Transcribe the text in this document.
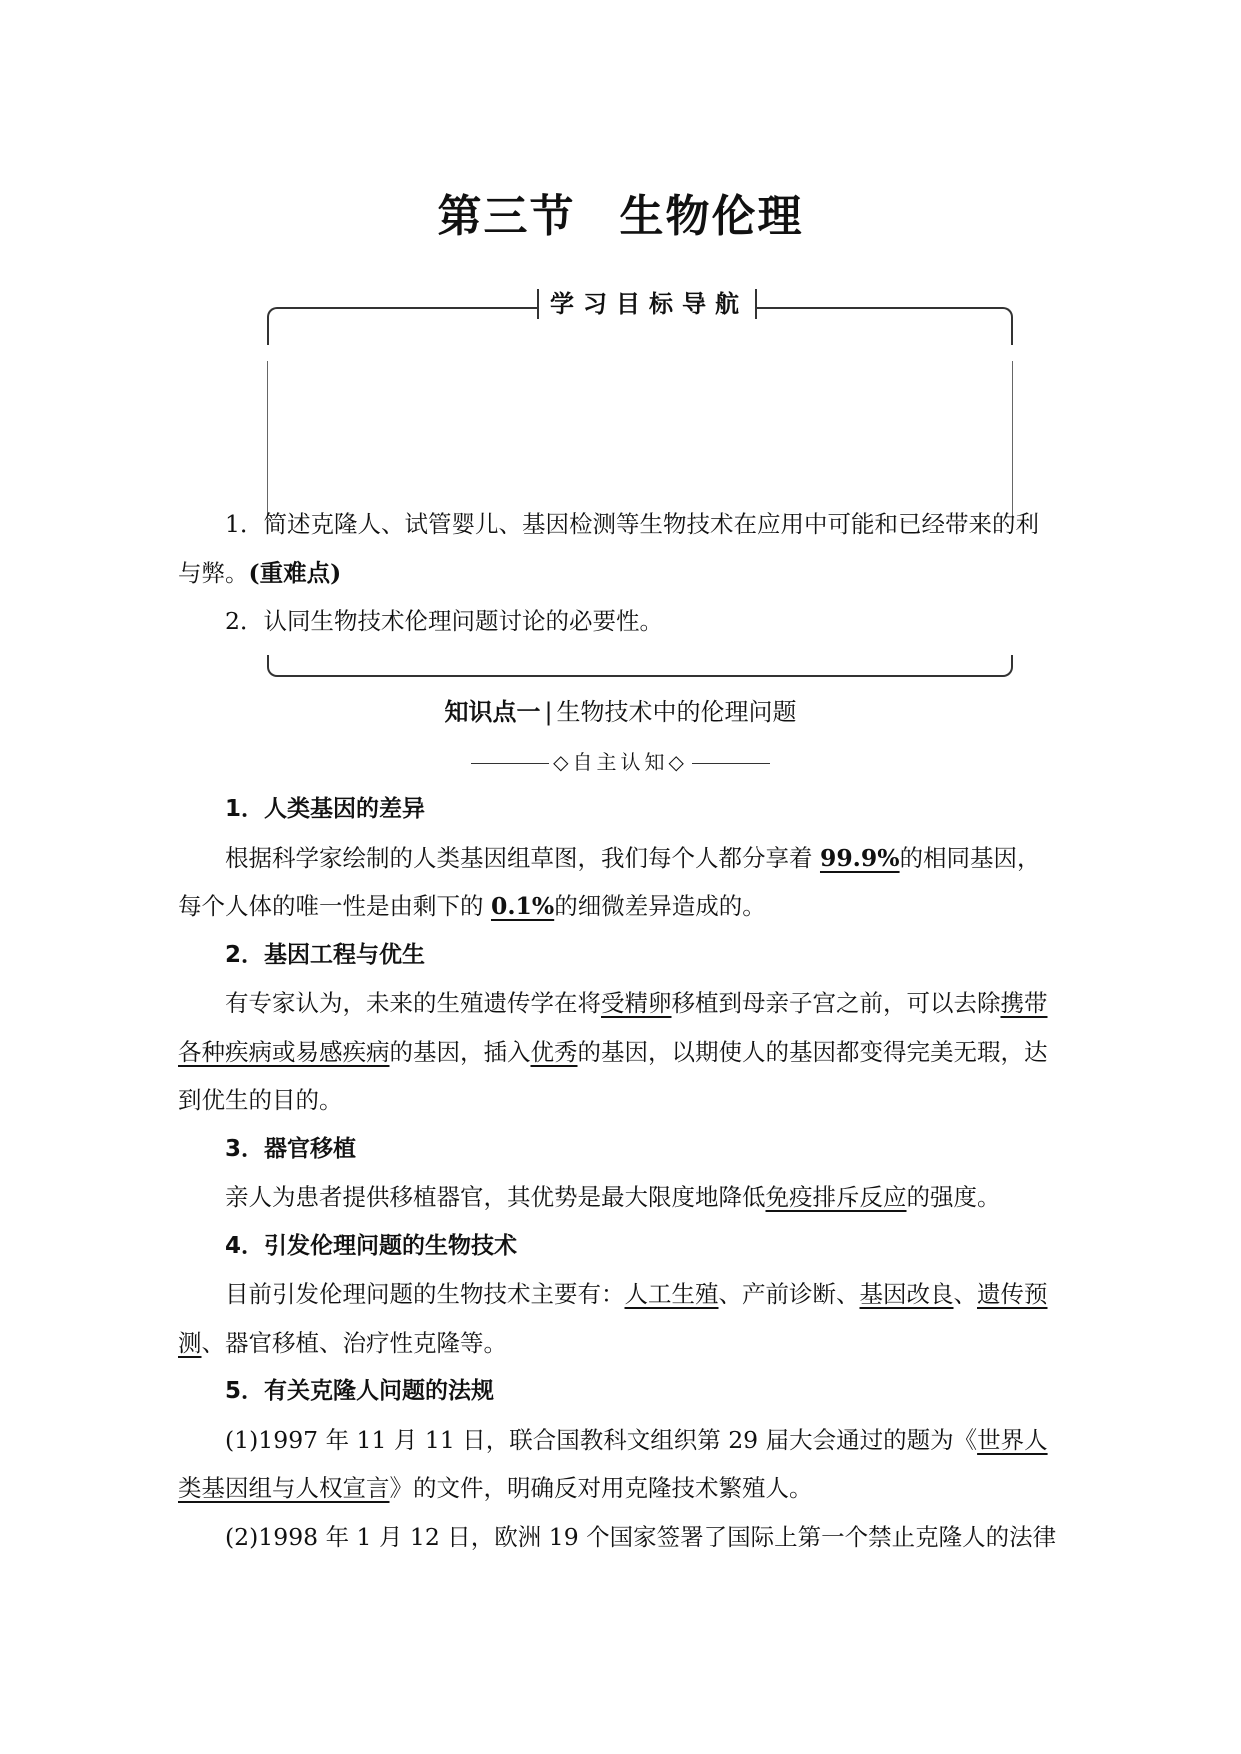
第三节 生物伦理
学习目标导航

1．简述克隆人、试管婴儿、基因检测等生物技术在应用中可能和已经带来的利与弊。(重难点)

2．认同生物技术伦理问题讨论的必要性。

知识点一 | 生物技术中的伦理问题
◇自主认知◇

1．人类基因的差异

根据科学家绘制的人类基因组草图，我们每个人都分享着 99.9%的相同基因，每个人体的唯一性是由剩下的 0.1%的细微差异造成的。

2．基因工程与优生

有专家认为，未来的生殖遗传学在将受精卵移植到母亲子宫之前，可以去除携带各种疾病或易感疾病的基因，插入优秀的基因，以期使人的基因都变得完美无瑕，达到优生的目的。

3．器官移植

亲人为患者提供移植器官，其优势是最大限度地降低免疫排斥反应的强度。

4．引发伦理问题的生物技术

目前引发伦理问题的生物技术主要有：人工生殖、产前诊断、基因改良、遗传预测、器官移植、治疗性克隆等。

5．有关克隆人问题的法规

(1)1997 年 11 月 11 日，联合国教科文组织第 29 届大会通过的题为《世界人类基因组与人权宣言》的文件，明确反对用克隆技术繁殖人。

(2)1998 年 1 月 12 日，欧洲 19 个国家签署了国际上第一个禁止克隆人的法律
